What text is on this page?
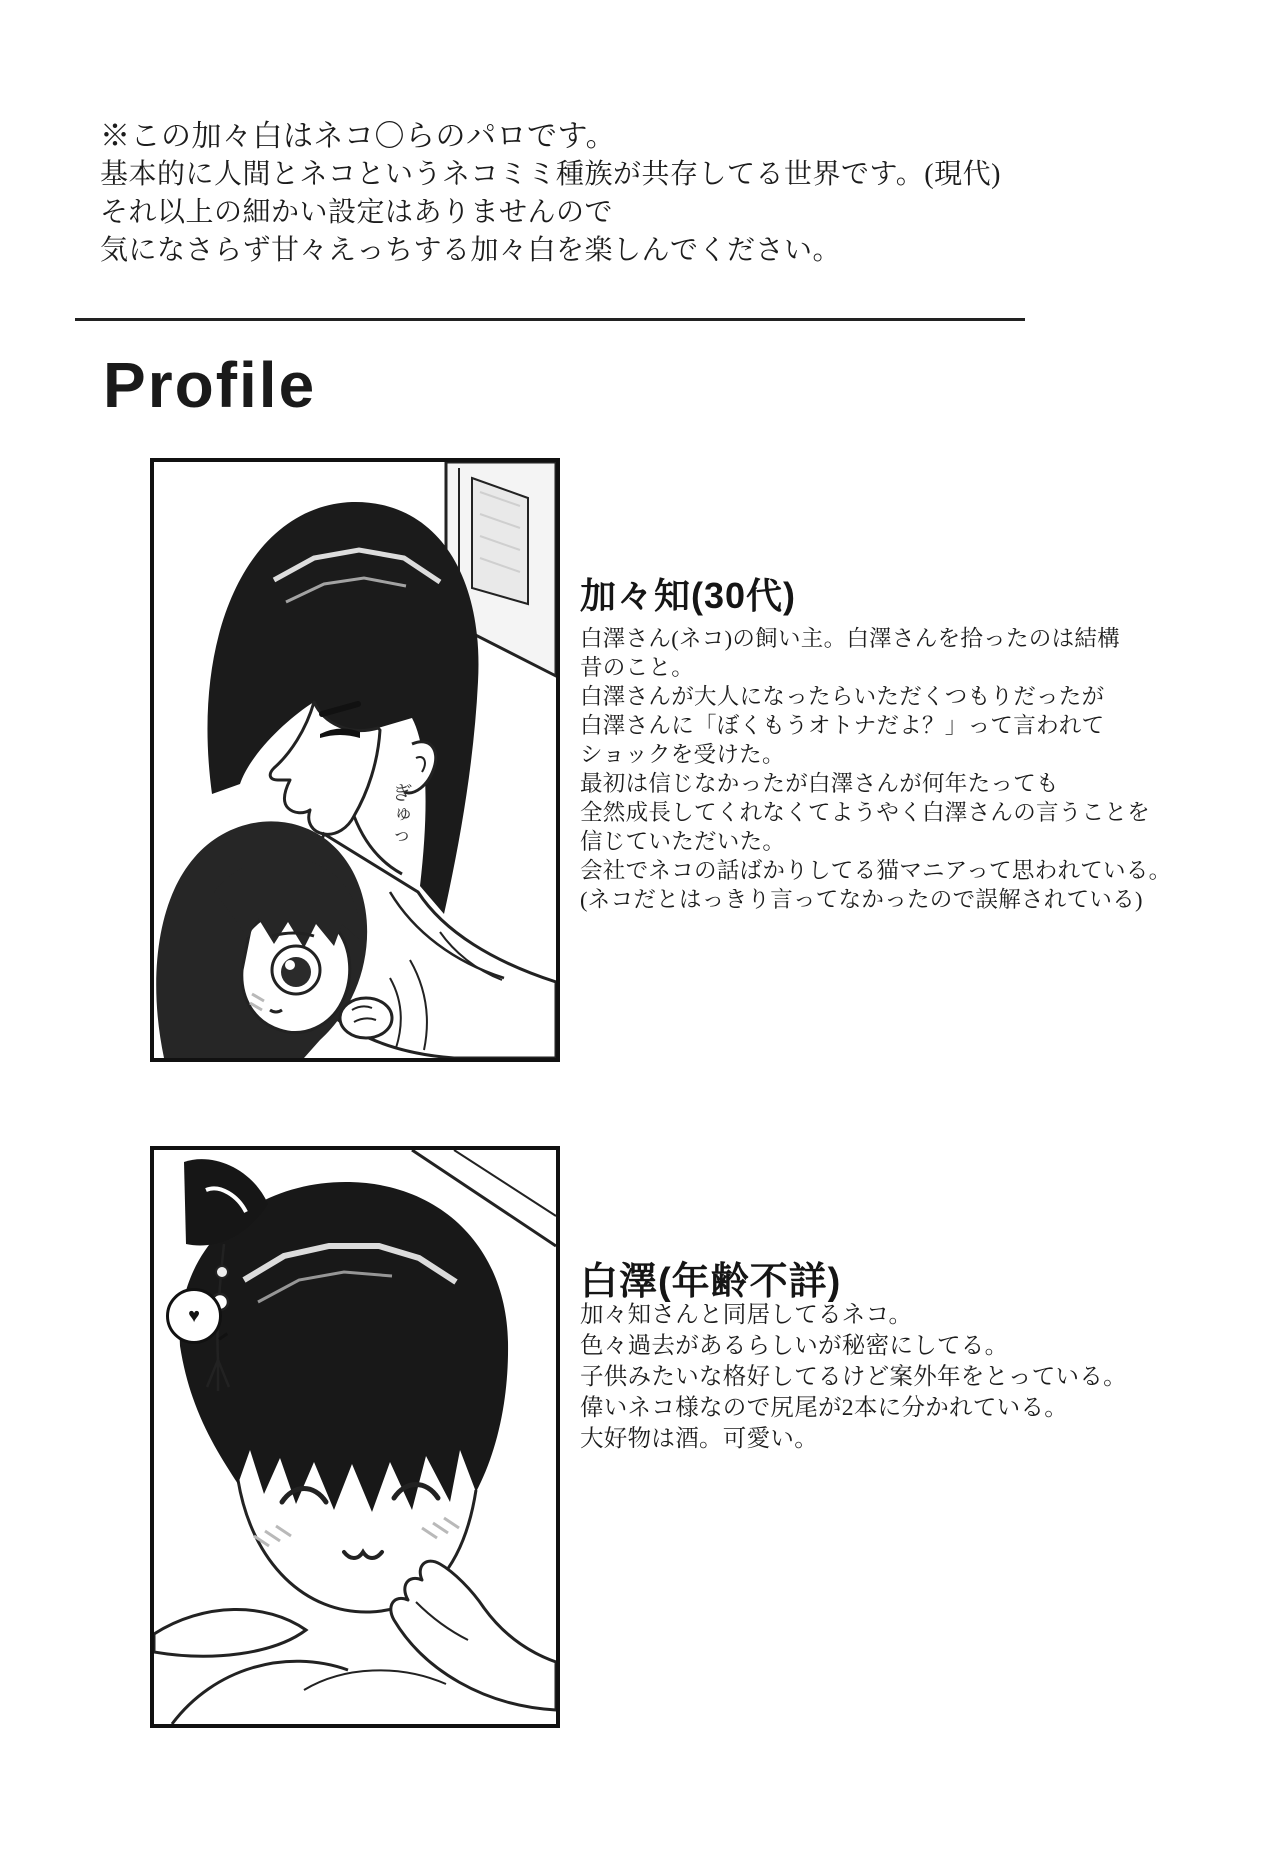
※この加々白はネコ〇らのパロです。
基本的に人間とネコというネコミミ種族が共存してる世界です。(現代)
それ以上の細かい設定はありませんので
気になさらず甘々えっちする加々白を楽しんでください。
Profile
ぎゅっ
加々知(30代)
白澤さん(ネコ)の飼い主。白澤さんを拾ったのは結構
昔のこと。
白澤さんが大人になったらいただくつもりだったが
白澤さんに「ぼくもうオトナだよ？」って言われて
ショックを受けた。
最初は信じなかったが白澤さんが何年たっても
全然成長してくれなくてようやく白澤さんの言うことを
信じていただいた。
会社でネコの話ばかりしてる猫マニアって思われている。
(ネコだとはっきり言ってなかったので誤解されている)
♥
白澤(年齢不詳)
加々知さんと同居してるネコ。
色々過去があるらしいが秘密にしてる。
子供みたいな格好してるけど案外年をとっている。
偉いネコ様なので尻尾が2本に分かれている。
大好物は酒。可愛い。
